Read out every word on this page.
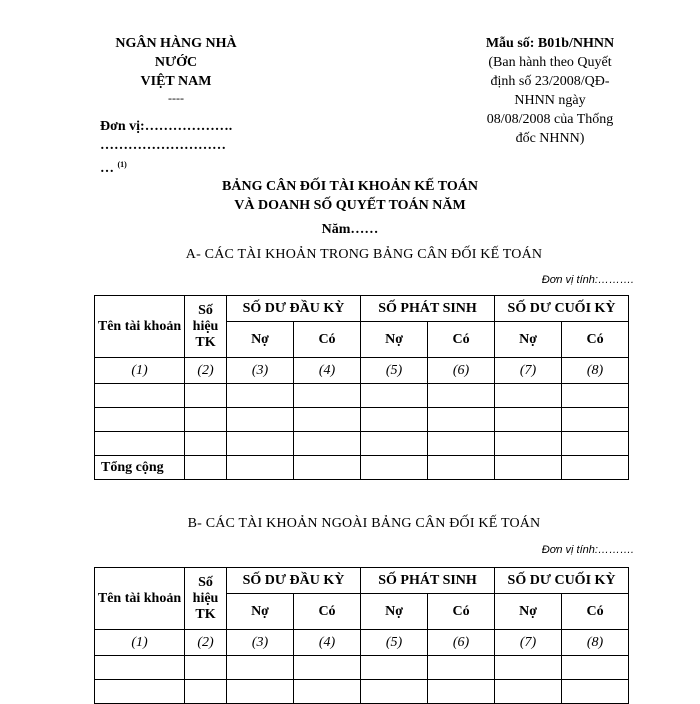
NGÂN HÀNG NHÀ
NƯỚC
VIỆT NAM
----
Đơn vị:……………….
………………………
… $^{(1)}$
Mẫu số: B01b/NHNN
(Ban hành theo Quyết
định số 23/2008/QĐ-
NHNN ngày
08/08/2008 của Thống
đốc NHNN)
BẢNG CÂN ĐỐI TÀI KHOẢN KẾ TOÁN
VÀ DOANH SỐ QUYẾT TOÁN NĂM
Năm……
A- CÁC TÀI KHOẢN TRONG BẢNG CÂN ĐỐI KẾ TOÁN
Đơn vị tính:……….
Tên tài khoản	Số
hiệu
TK	SỐ DƯ ĐẦU KỲ		SỐ PHÁT SINH		SỐ DƯ CUỐI KỲ	
		Nợ	Có	Nợ	Có	Nợ	Có
(1)	(2)	(3)	(4)	(5)	(6)	(7)	(8)

Tổng cộng							
B- CÁC TÀI KHOẢN NGOÀI BẢNG CÂN ĐỐI KẾ TOÁN
Đơn vị tính:……….
Tên tài khoản	Số
hiệu
TK	SỐ DƯ ĐẦU KỲ		SỐ PHÁT SINH		SỐ DƯ CUỐI KỲ	
		Nợ	Có	Nợ	Có	Nợ	Có
(1)	(2)	(3)	(4)	(5)	(6)	(7)	(8)
